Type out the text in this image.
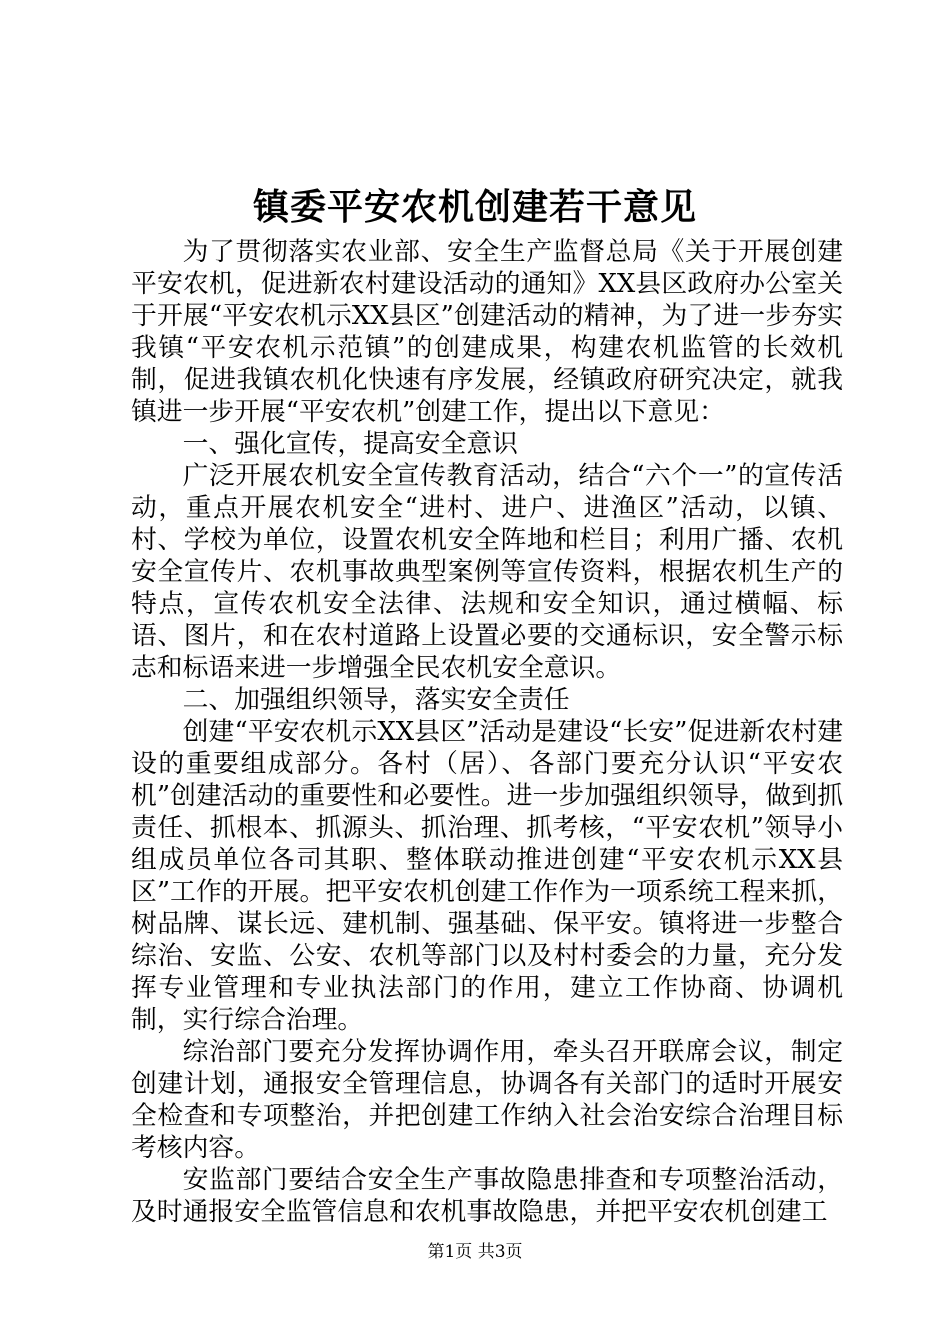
镇委平安农机创建若干意见

为了贯彻落实农业部、安全生产监督总局《关于开展创建平安农机，促进新农村建设活动的通知》XX县区政府办公室关于开展“平安农机示XX县区”创建活动的精神，为了进一步夯实我镇“平安农机示范镇”的创建成果，构建农机监管的长效机制，促进我镇农机化快速有序发展，经镇政府研究决定，就我镇进一步开展“平安农机”创建工作，提出以下意见：

一、强化宣传，提高安全意识

广泛开展农机安全宣传教育活动，结合“六个一”的宣传活动，重点开展农机安全“进村、进户、进渔区”活动，以镇、村、学校为单位，设置农机安全阵地和栏目；利用广播、农机安全宣传片、农机事故典型案例等宣传资料，根据农机生产的特点，宣传农机安全法律、法规和安全知识，通过横幅、标语、图片，和在农村道路上设置必要的交通标识，安全警示标志和标语来进一步增强全民农机安全意识。

二、加强组织领导，落实安全责任

创建“平安农机示XX县区”活动是建设“长安”促进新农村建设的重要组成部分。各村（居）、各部门要充分认识“平安农机”创建活动的重要性和必要性。进一步加强组织领导，做到抓责任、抓根本、抓源头、抓治理、抓考核，“平安农机”领导小组成员单位各司其职、整体联动推进创建“平安农机示XX县区”工作的开展。把平安农机创建工作作为一项系统工程来抓，树品牌、谋长远、建机制、强基础、保平安。镇将进一步整合综治、安监、公安、农机等部门以及村村委会的力量，充分发挥专业管理和专业执法部门的作用，建立工作协商、协调机制，实行综合治理。

综治部门要充分发挥协调作用，牵头召开联席会议，制定创建计划，通报安全管理信息，协调各有关部门的适时开展安全检查和专项整治，并把创建工作纳入社会治安综合治理目标考核内容。

安监部门要结合安全生产事故隐患排查和专项整治活动，及时通报安全监管信息和农机事故隐患，并把平安农机创建工

第1页 共3页
